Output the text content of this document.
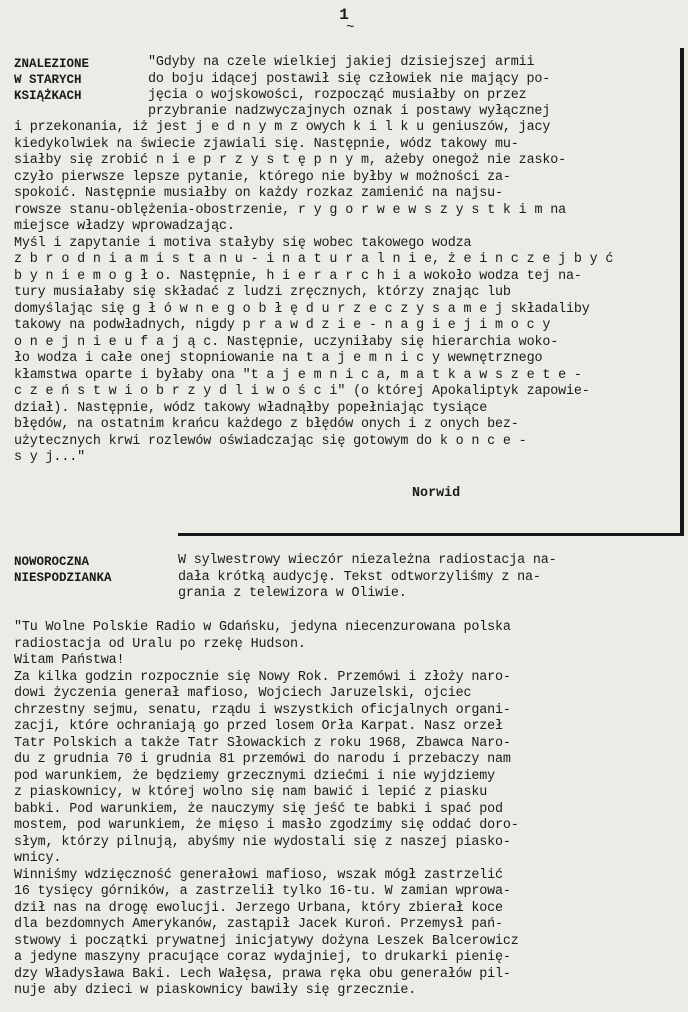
1
~
ZNALEZIONE
W STARYCH
KSIĄŻKACH
"Gdyby na czele wielkiej jakiej dzisiejszej armii
do boju idącej postawił się człowiek nie mający po-
jęcia o wojskowości, rozpocząć musiałby on przez
przybranie nadzwyczajnych oznak i postawy wyłącznej
i przekonania, iż jest j e d n y m z owych k i l k u geniuszów, jacy
kiedykolwiek na świecie zjawiali się. Następnie, wódz takowy mu-
siałby się zrobić n i e p r z y s t ę p n y m, ażeby onegoż nie zasko-
czyło pierwsze lepsze pytanie, którego nie byłby w możności za-
spokoić. Następnie musiałby on każdy rozkaz zamienić na najsu-
rowsze stanu-oblężenia-obostrzenie, r y g o r w e w s z y s t k i m na
miejsce władzy wprowadzając.
Myśl i zapytanie i motiva stałyby się wobec takowego wodza
z b r o d n i a m i s t a n u - i n a t u r a l n i e, ż e i n c z e j b y ć
b y n i e m o g ł o. Następnie, h i e r a r c h i a wokoło wodza tej na-
tury musiałaby się składać z ludzi zręcznych, którzy znając lub
domyślając się g ł ó w n e g o b ł ę d u r z e c z y s a m e j składaliby
takowy na podwładnych, nigdy p r a w d z i e - n a g i e j i m o c y
o n e j n i e u f a j ą c. Następnie, uczyniłaby się hierarchia woko-
ło wodza i całe onej stopniowanie na t a j e m n i c y wewnętrznego
kłamstwa oparte i byłaby ona "t a j e m n i c a, m a t k a w s z e t e -
c z e ń s t w i o b r z y d l i w o ś c i" (o której Apokaliptyk zapowie-
dział). Następnie, wódz takowy władnąłby popełniając tysiące
błędów, na ostatnim krańcu każdego z błędów onych i z onych bez-
użytecznych krwi rozlewów oświadczając się gotowym do k o n c e -
s y j..."
Norwid
NOWOROCZNA
NIESPODZIANKA
W sylwestrowy wieczór niezależna radiostacja na-
dała krótką audycję. Tekst odtworzyliśmy z na-
grania z telewizora w Oliwie.
"Tu Wolne Polskie Radio w Gdańsku, jedyna niecenzurowana polska
radiostacja od Uralu po rzekę Hudson.
Witam Państwa!
Za kilka godzin rozpocznie się Nowy Rok. Przemówi i złoży naro-
dowi życzenia generał mafioso, Wojciech Jaruzelski, ojciec
chrzestny sejmu, senatu, rządu i wszystkich oficjalnych organi-
zacji, które ochraniają go przed losem Orła Karpat. Nasz orzeł
Tatr Polskich a także Tatr Słowackich z roku 1968, Zbawca Naro-
du z grudnia 70 i grudnia 81 przemówi do narodu i przebaczy nam
pod warunkiem, że będziemy grzecznymi dziećmi i nie wyjdziemy
z piaskownicy, w której wolno się nam bawić i lepić z piasku
babki. Pod warunkiem, że nauczymy się jeść te babki i spać pod
mostem, pod warunkiem, że mięso i masło zgodzimy się oddać doro-
słym, którzy pilnują, abyśmy nie wydostali się z naszej piasko-
wnicy.
Winniśmy wdzięczność generałowi mafioso, wszak mógł zastrzelić
16 tysięcy górników, a zastrzelił tylko 16-tu. W zamian wprowa-
dził nas na drogę ewolucji. Jerzego Urbana, który zbierał koce
dla bezdomnych Amerykanów, zastąpił Jacek Kuroń. Przemysł pań-
stwowy i początki prywatnej inicjatywy dożyna Leszek Balcerowicz
a jedyne maszyny pracujące coraz wydajniej, to drukarki pienię-
dzy Władysława Baki. Lech Wałęsa, prawa ręka obu generałów pil-
nuje aby dzieci w piaskownicy bawiły się grzecznie.
